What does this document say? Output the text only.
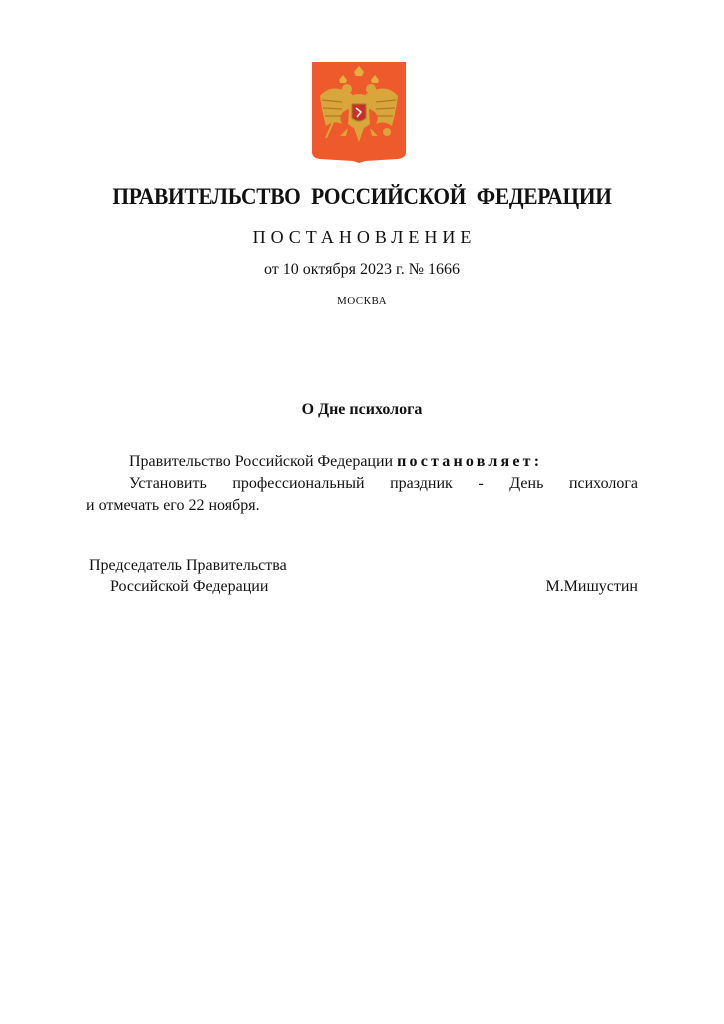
ПРАВИТЕЛЬСТВО РОССИЙСКОЙ ФЕДЕРАЦИИ
ПОСТАНОВЛЕНИЕ
от 10 октября 2023 г. № 1666
МОСКВА
О Дне психолога

Правительство Российской Федерации постановляет:

Установить профессиональный праздник - День психолога

и отмечать его 22 ноября.

Председатель Правительства
Российской Федерации	М.Мишустин
